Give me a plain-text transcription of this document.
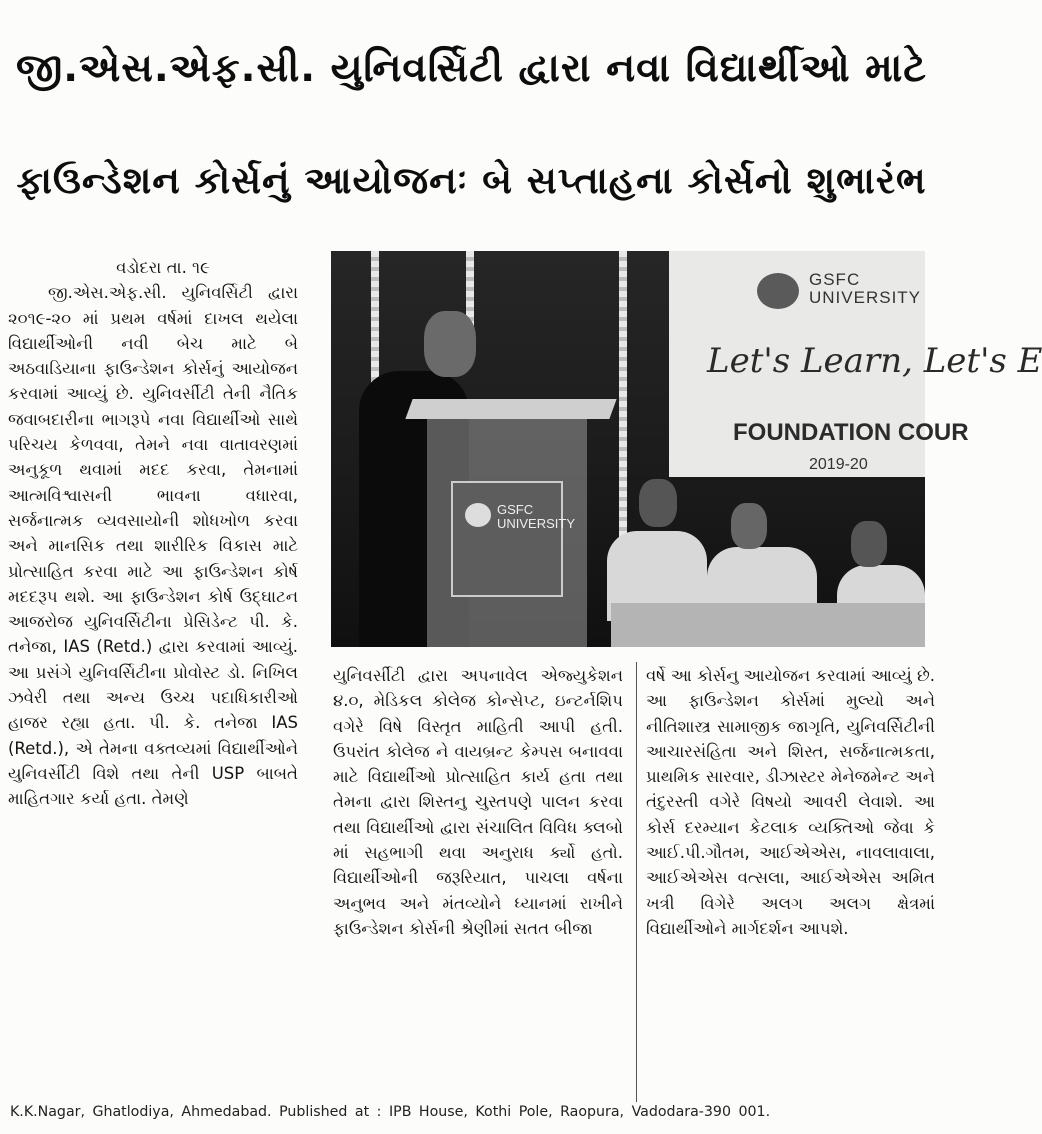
જી.એસ.એફ.સી. યુનિવર્સિટી દ્વારા નવા વિદ્યાર્થીઓ માટે
ફાઉન્ડેશન કોર્સનું આયોજનઃ બે સપ્તાહના કોર્સનો શુભારંભ

વડોદરા તા. ૧૯

જી.એસ.એફ.સી. યુનિવર્સિટી દ્વારા ૨૦૧૯-૨૦ માં પ્રથમ વર્ષમાં દાખલ થયેલા વિદ્યાર્થીઓની નવી બેચ માટે બે અઠવાડિયાના ફાઉન્ડેશન કોર્સનું આયોજન કરવામાં આવ્યું છે. યુનિવર્સીટી તેની નૈતિક જવાબદારીના ભાગરૂપે નવા વિદ્યાર્થીઓ સાથે પરિચય કેળવવા, તેમને નવા વાતાવરણમાં અનુકૂળ થવામાં મદદ કરવા, તેમનામાં આત્મવિશ્વાસની ભાવના વધારવા, સર્જનાત્મક વ્યવસાયોની શોધખોળ કરવા અને માનસિક તથા શારીરિક વિકાસ માટે પ્રોત્સાહિત કરવા માટે આ ફાઉન્ડેશન કોર્ષ મદદરૂપ થશે. આ ફાઉન્ડેશન કોર્ષ ઉદ્ઘાટન આજરોજ યુનિવર્સિટીના પ્રેસિડેન્ટ પી. કે. તનેજા, IAS (Retd.) દ્વારા કરવામાં આવ્યું. આ પ્રસંગે યુનિવર્સિટીના પ્રોવોસ્ટ ડો. નિખિલ ઝવેરી તથા અન્ય ઉચ્ચ પદાધિકારીઓ હાજર રહ્યા હતા. પી. કે. તનેજા IAS (Retd.), એ તેમના વક્તવ્યમાં વિદ્યાર્થીઓને યુનિવર્સીટી વિશે તથા તેની USP બાબતે માહિતગાર કર્યા હતા. તેમણે

GSFC UNIVERSITY
Let's Learn, Let's E
FOUNDATION COUR
2019-20
GSFC UNIVERSITY

યુનિવર્સીટી દ્વારા અપનાવેલ એજ્યુકેશન ૪.૦, મેડિકલ કોલેજ કોન્સેપ્ટ, ઇન્ટર્નશિપ વગેરે વિષે વિસ્તૃત માહિતી આપી હતી. ઉપરાંત કોલેજ ને વાયબ્રન્ટ કેમ્પસ બનાવવા માટે વિદ્યાર્થીઓ પ્રોત્સાહિત કાર્ય હતા તથા તેમના દ્વારા શિસ્તનુ ચુસ્તપણે પાલન કરવા તથા વિદ્યાર્થીઓ દ્વારા સંચાલિત વિવિધ ક્લબો માં સહભાગી થવા અનુરાધ ર્ક્યો હતો. વિદ્યાર્થીઓની જરૂરિયાત, પાચલા વર્ષના અનુભવ અને મંતવ્યોને ધ્યાનમાં રાખીને ફાઉન્ડેશન કોર્સની શ્રેણીમાં સતત બીજા

વર્ષે આ કોર્સનુ આયોજન કરવામાં આવ્યું છે. આ ફાઉન્ડેશન કોર્સમાં મુલ્યો અને નીતિશાસ્ત્ર સામાજીક જાગૃતિ, યુનિવર્સિટીની આચારસંહિતા અને શિસ્ત, સર્જનાત્મકતા, પ્રાથમિક સારવાર, ડીઝાસ્ટર મેનેજમેન્ટ અને તંદુરસ્તી વગેરે વિષયો આવરી લેવાશે. આ કોર્સ દરમ્યાન કેટલાક વ્યક્તિઓ જેવા કે આઈ.પી.ગૌતમ, આઈએએસ, નાવલાવાલા, આઈએએસ વત્સલા, આઈએએસ અમિત ખત્રી વિગેરે અલગ અલગ ક્ષેત્રમાં વિદ્યાર્થીઓને માર્ગદર્શન આપશે.

K.K.Nagar, Ghatlodiya, Ahmedabad. Published at : IPB House, Kothi Pole, Raopura, Vadodara-390 001.
